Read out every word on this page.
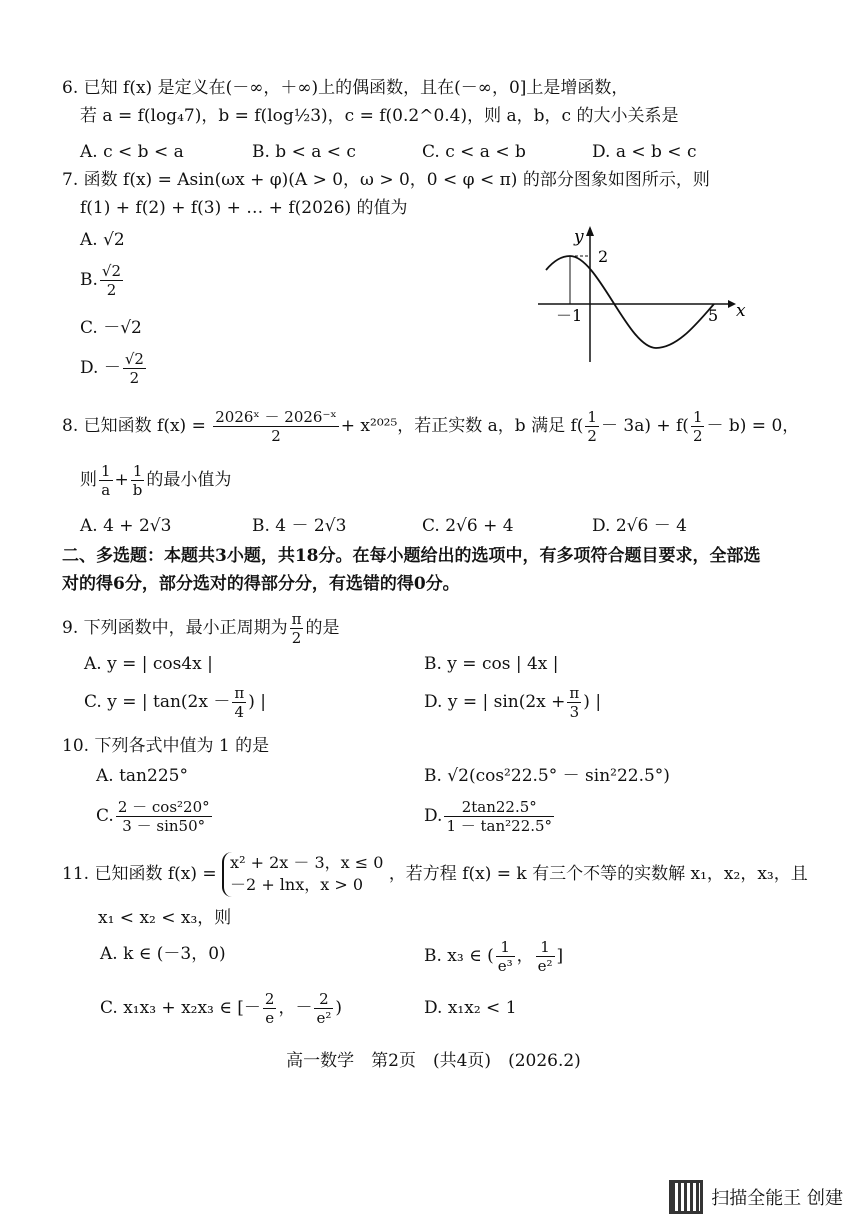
6. 已知 f(x) 是定义在(－∞，＋∞)上的偶函数，且在(－∞，0]上是增函数，
若 a = f(log₄7)，b = f(log½3)，c = f(0.2^0.4)，则 a，b，c 的大小关系是
A. c < b < a	B. b < a < c	C. c < a < b	D. a < b < c
7. 函数 f(x) = Asin(ωx + φ)(A > 0，ω > 0，0 < φ < π) 的部分图象如图所示，则
f(1) + f(2) + f(3) + … + f(2026) 的值为
A. √2
B. $\frac{√2}{2}$
C. －√2
D. － $\frac{√2}{2}$
y
x
2
－1	5
8. 已知函数 $f(x) = \frac{\text{2026ˣ － 2026⁻ˣ}}{2} + x^{2025}$，若正实数 a，b 满足 $f( \frac{1}{2} - 3a) + f( \frac{1}{2} - b) = 0$，
则 $\frac{1}{a} + \frac{1}{b}$ 的最小值为
A. 4 + 2√3	B. 4 － 2√3	C. 2√6 + 4	D. 2√6 － 4
二、多选题：本题共3小题，共18分。在每小题给出的选项中，有多项符合题目要求，全部选
对的得6分，部分选对的得部分分，有选错的得0分。
9. 下列函数中，最小正周期为 $\frac{\pi}{2}$ 的是
A. y = | cos4x |	B. y = cos | 4x |
C. y = | $\tan(2x - \frac{\pi}{4}$ ) |	D. y = | $\sin(2x + \frac{\pi}{3}$ ) |
10. 下列各式中值为 1 的是
A. tan225°	B. √2(cos²22.5° － sin²22.5°)
C. $\frac{\text{2 － cos²20°}}{3 - \sin 50^\circ}$	D. $\frac{2\tan 22.5^\circ}{\text{1 － tan²22.5°}}$
11. 已知函数 f(x) =
x² + 2x － 3，x ≤ 0
－2 + lnx，x > 0
，若方程 f(x) = k 有三个不等的实数解 x₁，x₂，x₃，且
x₁ < x₂ < x₃，则
A. k ∈ (－3，0)	B. x₃ ∈ ( $\frac{1}{\text{e³}}$ ， $\frac{1}{\text{e²}}$ ]
C. x₁x₃ + x₂x₃ ∈ [－ $\frac{2}{e}$ ，－ $\frac{2}{\text{e²}}$ )	D. x₁x₂ < 1
高一数学　第2页　(共4页)　(2026.2)
扫描全能王 创建
